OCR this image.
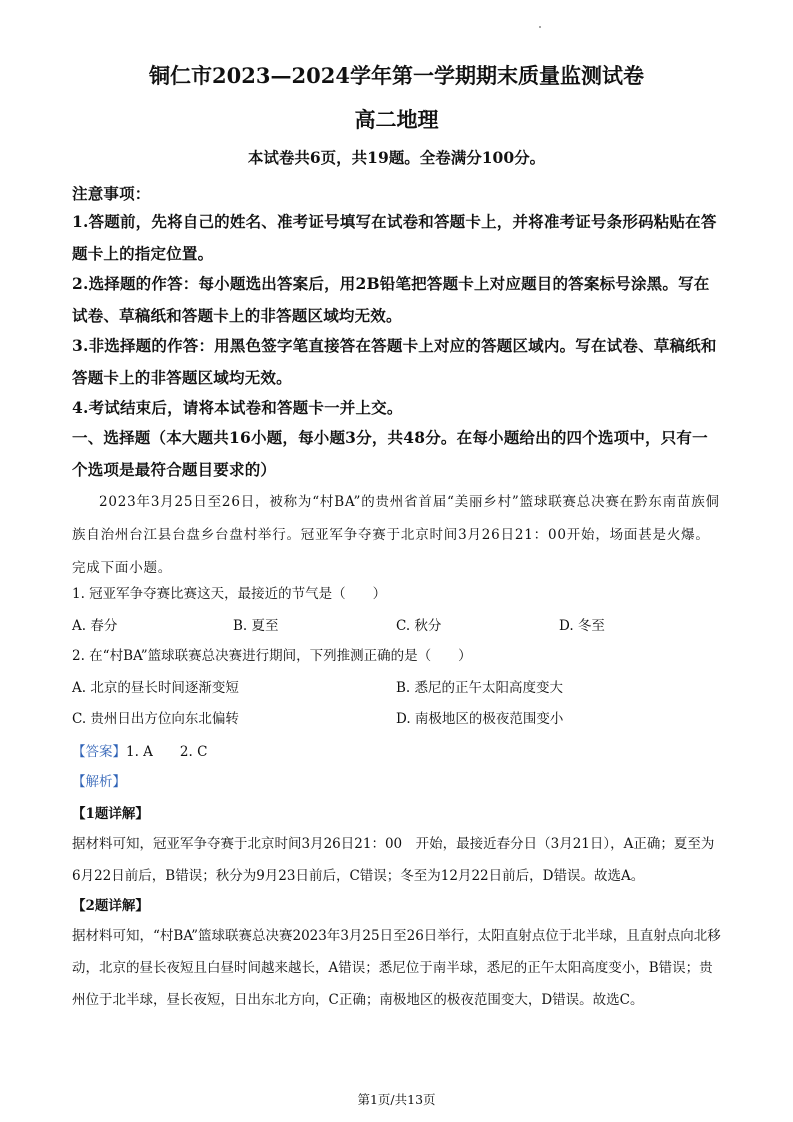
铜仁市2023—2024学年第一学期期末质量监测试卷
高二地理
本试卷共6页，共19题。全卷满分100分。
注意事项：
1.答题前，先将自己的姓名、准考证号填写在试卷和答题卡上，并将准考证号条形码粘贴在答题卡上的指定位置。
2.选择题的作答：每小题选出答案后，用2B铅笔把答题卡上对应题目的答案标号涂黑。写在试卷、草稿纸和答题卡上的非答题区域均无效。
3.非选择题的作答：用黑色签字笔直接答在答题卡上对应的答题区域内。写在试卷、草稿纸和答题卡上的非答题区域均无效。
4.考试结束后，请将本试卷和答题卡一并上交。
一、选择题（本大题共16小题，每小题3分，共48分。在每小题给出的四个选项中，只有一个选项是最符合题目要求的）
2023年3月25日至26日，被称为“村BA”的贵州省首届“美丽乡村”篮球联赛总决赛在黔东南苗族侗族自治州台江县台盘乡台盘村举行。冠亚军争夺赛于北京时间3月26日21：00开始，场面甚是火爆。完成下面小题。
1. 冠亚军争夺赛比赛这天，最接近的节气是（　　）
A. 春分	B. 夏至	C. 秋分	D. 冬至
2. 在“村BA”篮球联赛总决赛进行期间，下列推测正确的是（　　）
A. 北京的昼长时间逐渐变短	B. 悉尼的正午太阳高度变大
C. 贵州日出方位向东北偏转	D. 南极地区的极夜范围变小
【答案】1. A　　2. C
【解析】
【1题详解】
据材料可知，冠亚军争夺赛于北京时间3月26日21：00　开始，最接近春分日（3月21日），A正确；夏至为6月22日前后，B错误；秋分为9月23日前后，C错误；冬至为12月22日前后，D错误。故选A。
【2题详解】
据材料可知，“村BA”篮球联赛总决赛2023年3月25日至26日举行，太阳直射点位于北半球，且直射点向北移动，北京的昼长夜短且白昼时间越来越长，A错误；悉尼位于南半球，悉尼的正午太阳高度变小，B错误；贵州位于北半球，昼长夜短，日出东北方向，C正确；南极地区的极夜范围变大，D错误。故选C。
第1页/共13页
